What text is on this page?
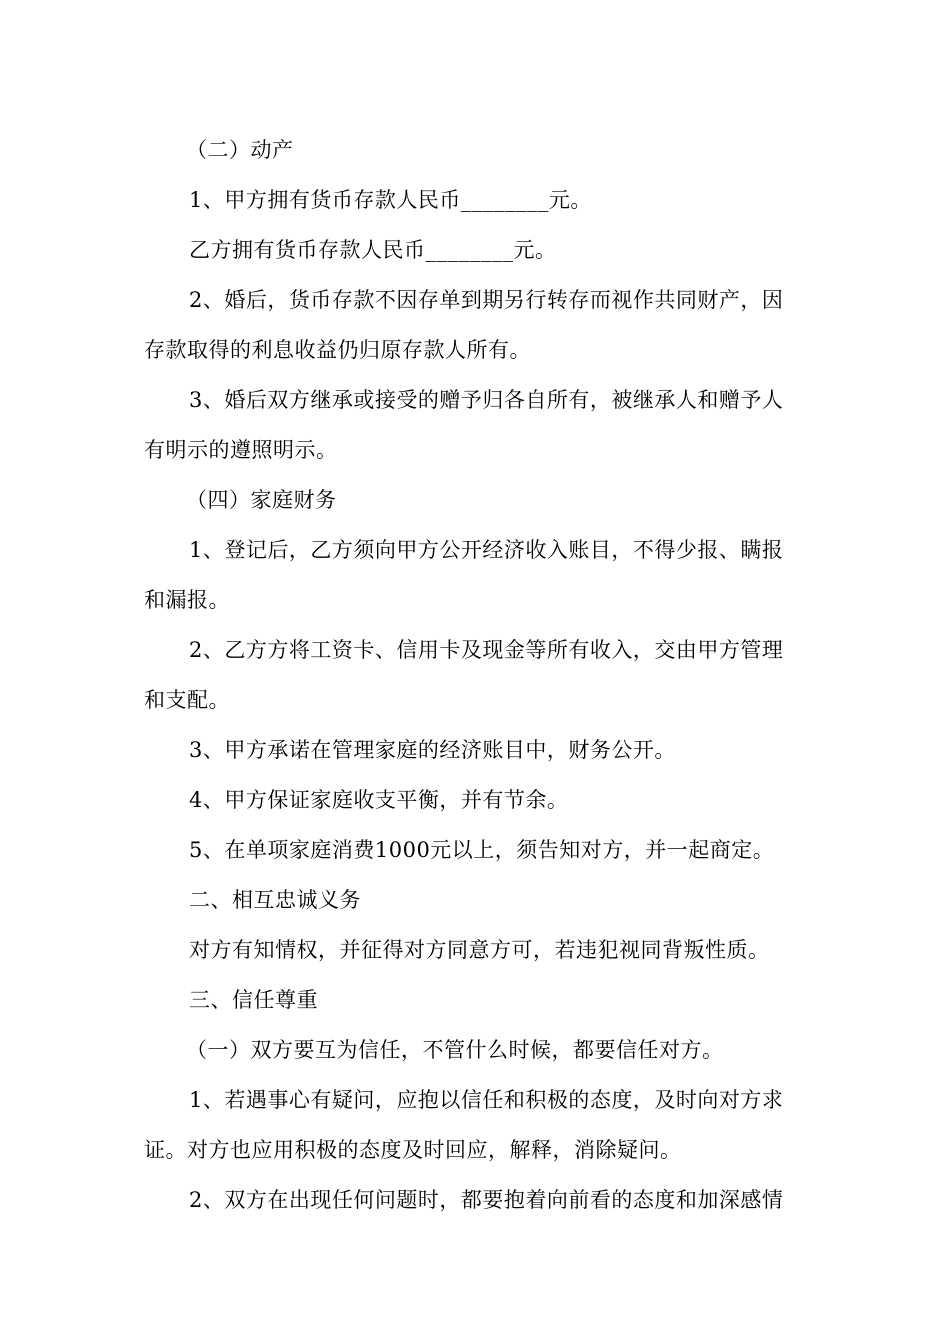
（二）动产
1、甲方拥有货币存款人民币________元。
乙方拥有货币存款人民币________元。
2、婚后，货币存款不因存单到期另行转存而视作共同财产，因
存款取得的利息收益仍归原存款人所有。
3、婚后双方继承或接受的赠予归各自所有，被继承人和赠予人
有明示的遵照明示。
（四）家庭财务
1、登记后，乙方须向甲方公开经济收入账目，不得少报、瞒报
和漏报。
2、乙方方将工资卡、信用卡及现金等所有收入，交由甲方管理
和支配。
3、甲方承诺在管理家庭的经济账目中，财务公开。
4、甲方保证家庭收支平衡，并有节余。
5、在单项家庭消费1000元以上，须告知对方，并一起商定。
二、相互忠诚义务
对方有知情权，并征得对方同意方可，若违犯视同背叛性质。
三、信任尊重
（一）双方要互为信任，不管什么时候，都要信任对方。
1、若遇事心有疑问，应抱以信任和积极的态度，及时向对方求
证。对方也应用积极的态度及时回应，解释，消除疑问。
2、双方在出现任何问题时，都要抱着向前看的态度和加深感情
